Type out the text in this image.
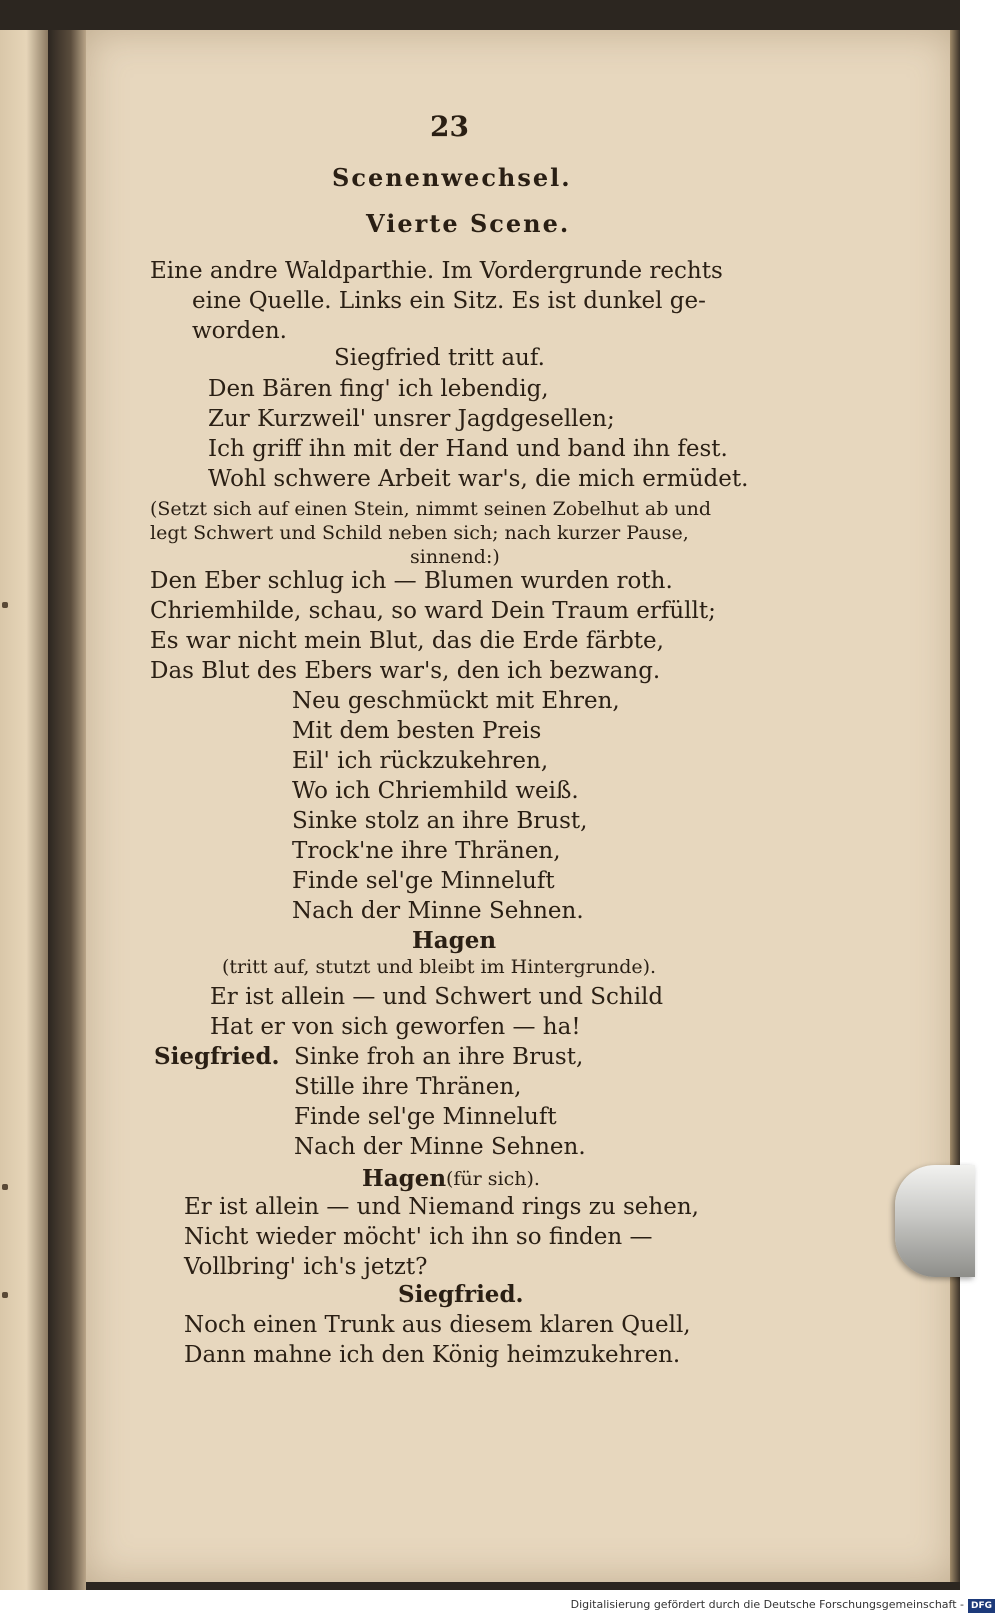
23
Scenenwechsel.
Vierte Scene.
Eine andre Waldparthie. Im Vordergrunde rechts
eine Quelle. Links ein Sitz. Es ist dunkel ge-
worden.
Siegfried tritt auf.
Den Bären fing' ich lebendig,
Zur Kurzweil' unsrer Jagdgesellen;
Ich griff ihn mit der Hand und band ihn fest.
Wohl schwere Arbeit war's, die mich ermüdet.
(Setzt sich auf einen Stein, nimmt seinen Zobelhut ab und
legt Schwert und Schild neben sich; nach kurzer Pause,
sinnend:)
Den Eber schlug ich — Blumen wurden roth.
Chriemhilde, schau, so ward Dein Traum erfüllt;
Es war nicht mein Blut, das die Erde färbte,
Das Blut des Ebers war's, den ich bezwang.
Neu geschmückt mit Ehren,
Mit dem besten Preis
Eil' ich rückzukehren,
Wo ich Chriemhild weiß.
Sinke stolz an ihre Brust,
Trock'ne ihre Thränen,
Finde sel'ge Minneluft
Nach der Minne Sehnen.
Hagen
(tritt auf, stutzt und bleibt im Hintergrunde).
Er ist allein — und Schwert und Schild
Hat er von sich geworfen — ha!
Siegfried. Sinke froh an ihre Brust,
Stille ihre Thränen,
Finde sel'ge Minneluft
Nach der Minne Sehnen.
Hagen (für sich).
Er ist allein — und Niemand rings zu sehen,
Nicht wieder möcht' ich ihn so finden —
Vollbring' ich's jetzt?
Siegfried.
Noch einen Trunk aus diesem klaren Quell,
Dann mahne ich den König heimzukehren.
Digitalisierung gefördert durch die Deutsche Forschungsgemeinschaft - DFG
